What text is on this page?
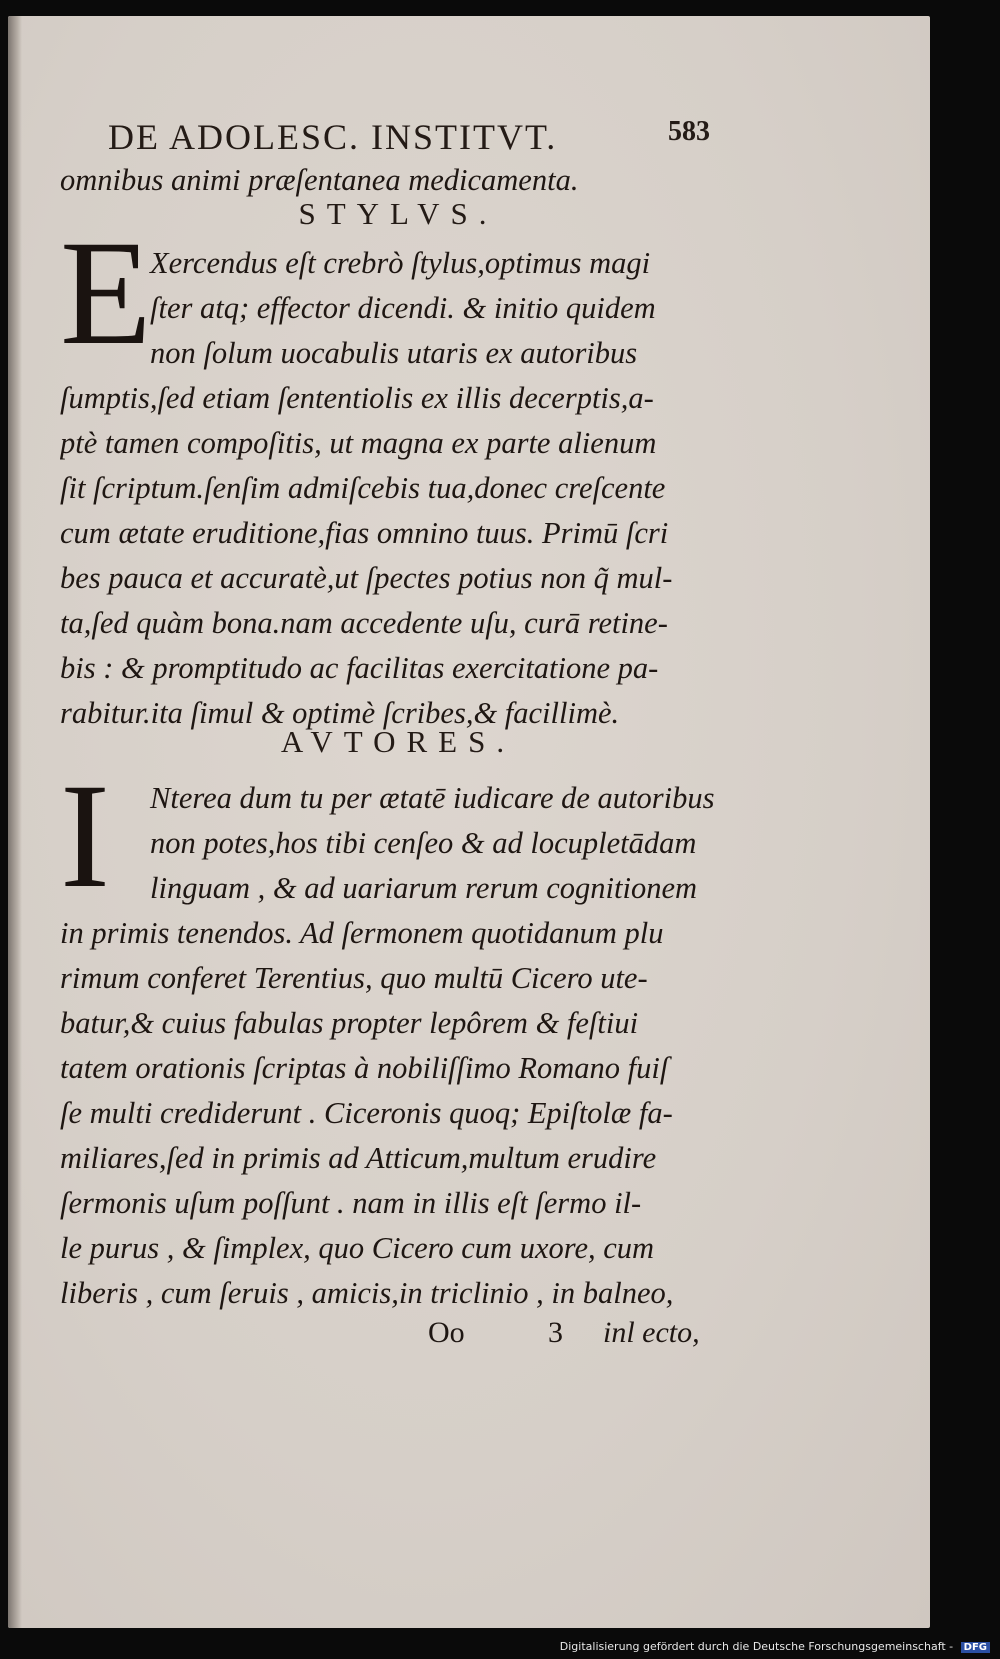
DE ADOLESC. INSTITVT.	583
omnibus animi præſentanea medicamenta.
STYLVS.
E
Xercendus eſt crebrò ſtylus,optimus magi
ſter atq; effector dicendi. & initio quidem
non ſolum uocabulis utaris ex autoribus
ſumptis,ſed etiam ſententiolis ex illis decerptis,a-
ptè tamen compoſitis, ut magna ex parte alienum
ſit ſcriptum.ſenſim admiſcebis tua,donec creſcente
cum ætate eruditione,fias omnino tuus. Primū ſcri
bes pauca et accuratè,ut ſpectes potius non q̃ mul-
ta,ſed quàm bona.nam accedente uſu, curā retine-
bis : & promptitudo ac facilitas exercitatione pa-
rabitur.ita ſimul & optimè ſcribes,& facillimè.
AVTORES.
I	Nterea dum tu per ætatē iudicare de autoribus
non potes,hos tibi cenſeo & ad locupletādam
linguam , & ad uariarum rerum cognitionem
in primis tenendos. Ad ſermonem quotidanum plu
rimum conferet Terentius, quo multū Cicero ute-
batur,& cuius fabulas propter lepôrem & feſtiui
tatem orationis ſcriptas à nobiliſſimo Romano fuiſ
ſe multi crediderunt . Ciceronis quoq; Epiſtolæ fa-
miliares,ſed in primis ad Atticum,multum erudire
ſermonis uſum poſſunt . nam in illis eſt ſermo il-
le purus , & ſimplex, quo Cicero cum uxore, cum
liberis , cum ſeruis , amicis,in triclinio , in balneo,
Oo	3 inl ecto,
Digitalisierung gefördert durch die Deutsche Forschungsgemeinschaft - DFG
